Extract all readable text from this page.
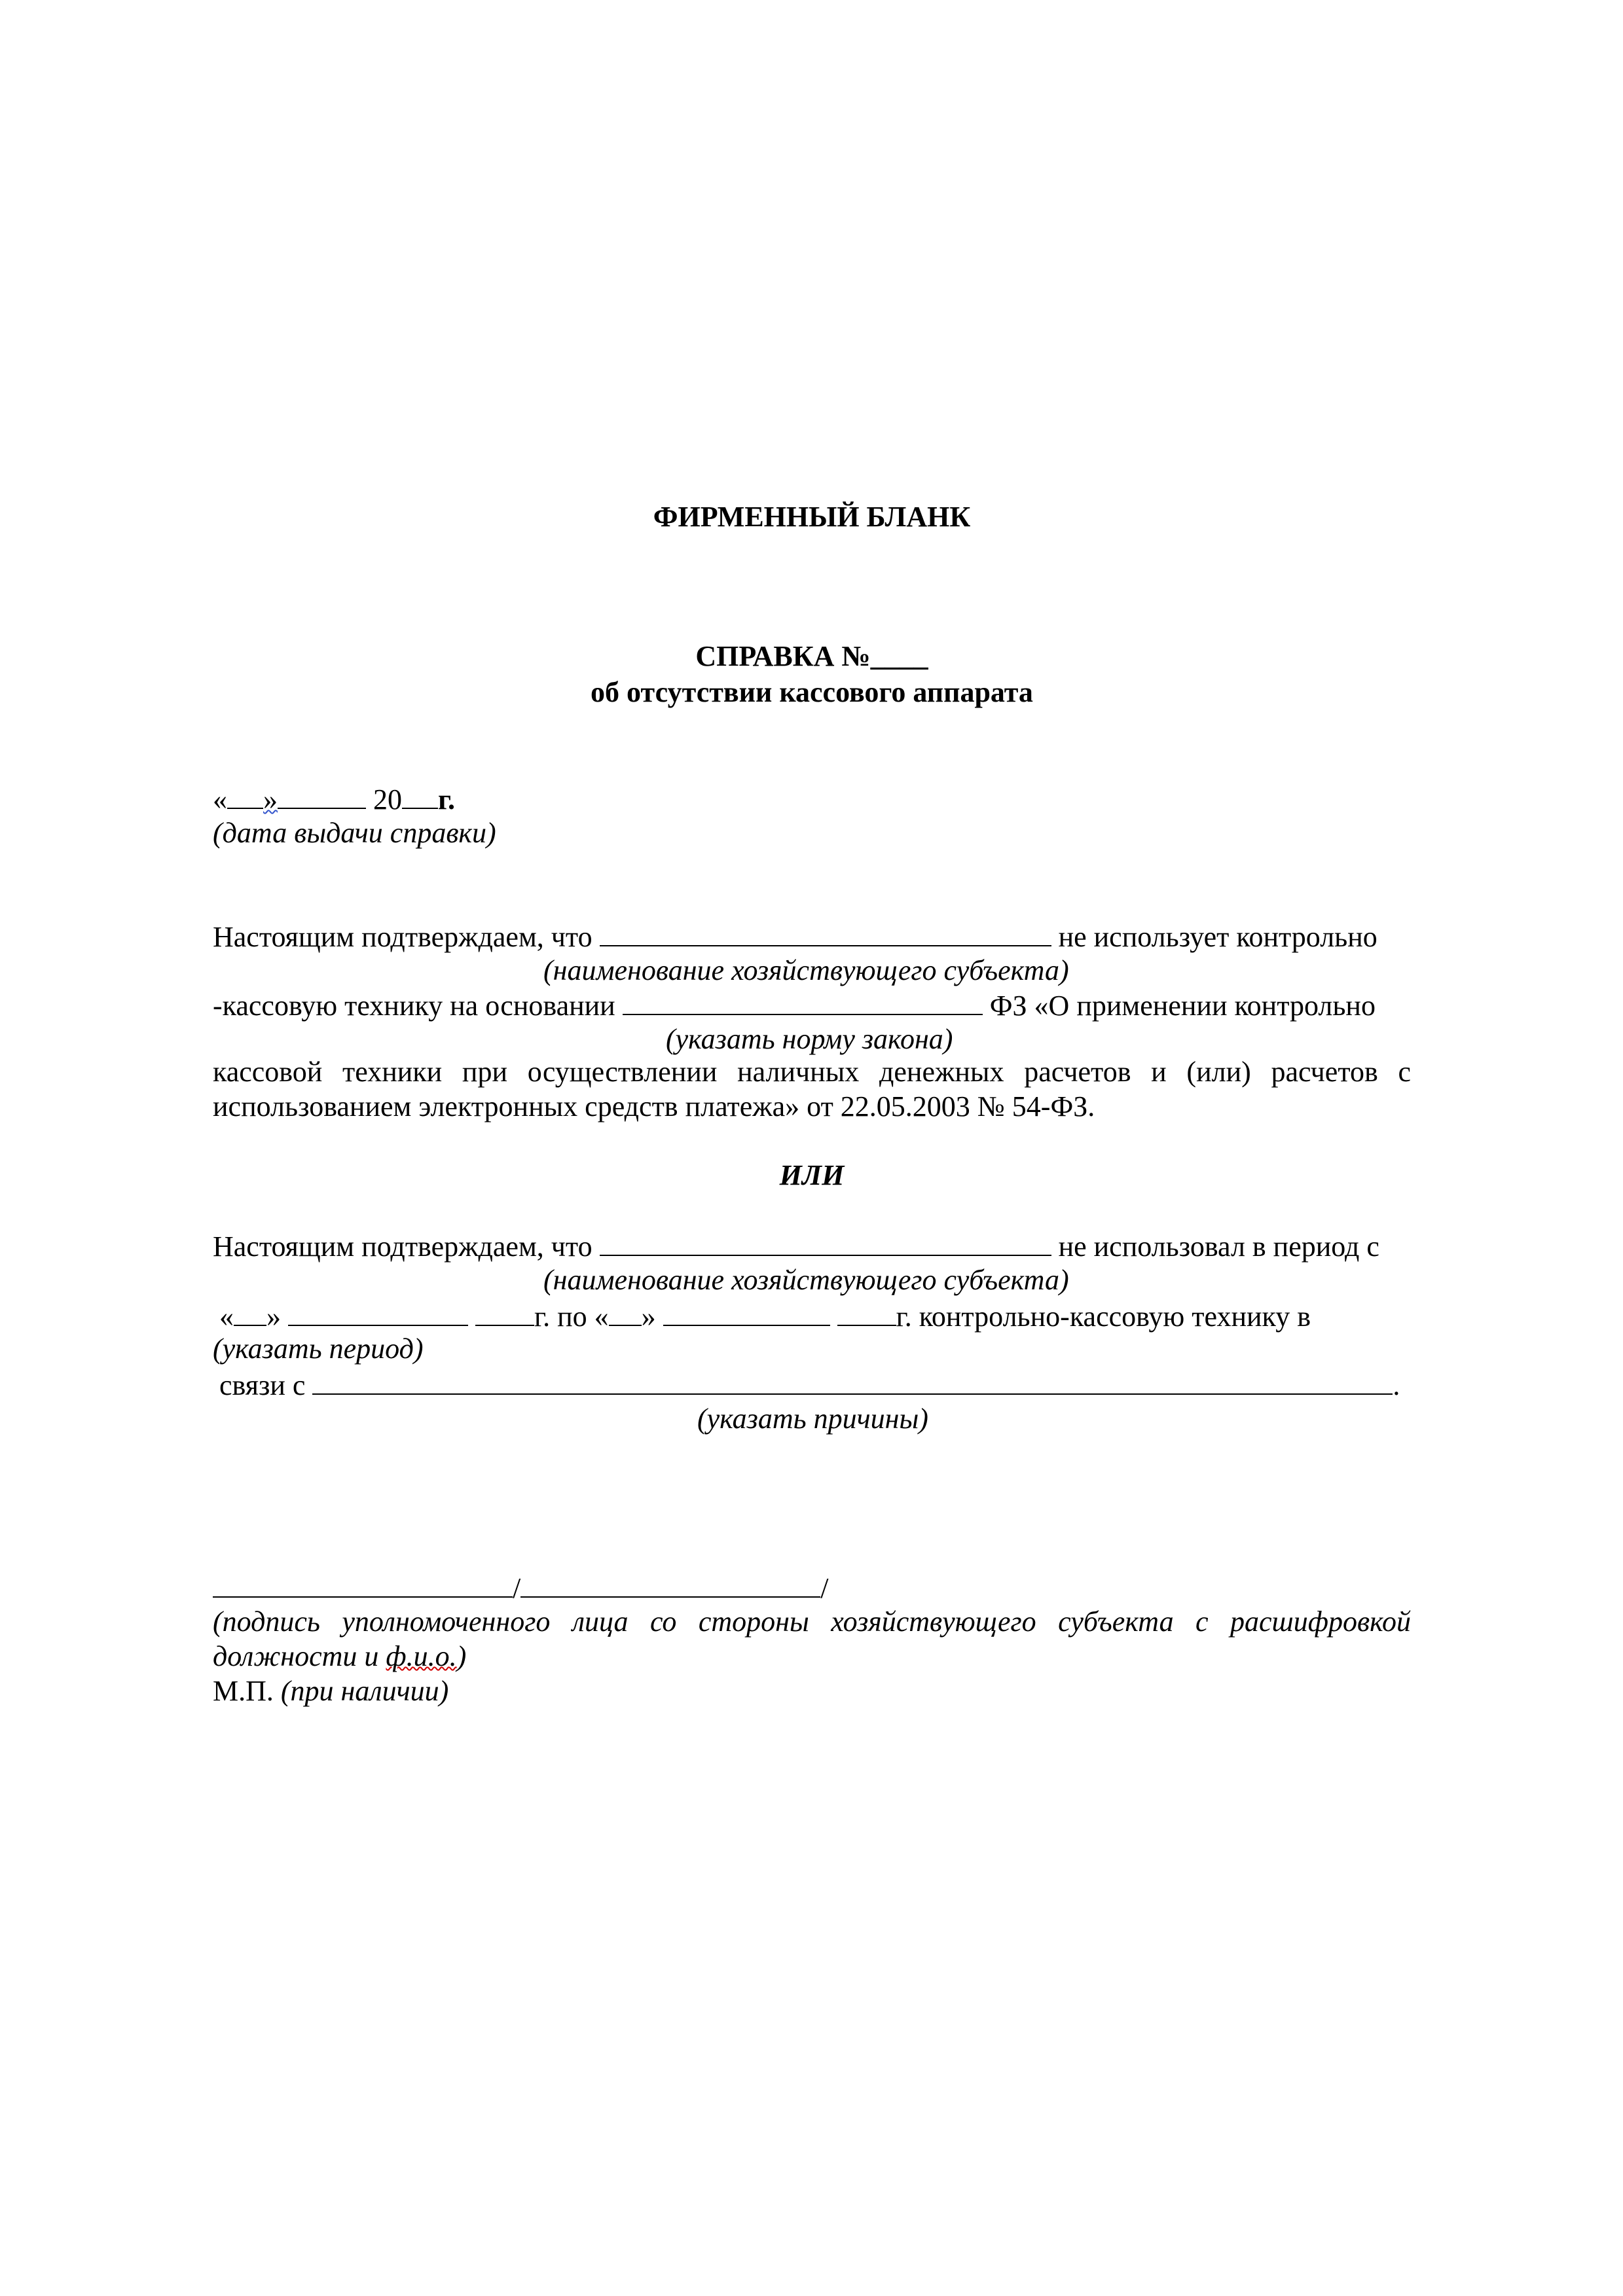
ФИРМЕННЫЙ БЛАНК
СПРАВКА №____
об отсутствии кассового аппарата
« »	20 г.
(дата выдачи справки)
Настоящим подтверждаем, что	не использует контрольно
(наименование хозяйствующего субъекта)
-кассовую технику на основании	ФЗ «О применении контрольно
(указать норму закона)
кассовой техники при осуществлении наличных денежных расчетов и (или) расчетов с
использованием электронных средств платежа» от 22.05.2003 № 54-ФЗ.
ИЛИ
Настоящим подтверждаем, что	не использовал в период с
(наименование хозяйствующего субъекта)
« »	г. по « »	г. контрольно-кассовую технику в
(указать период)
связи с	.
(указать причины)
/	/
(подпись уполномоченного лица со стороны хозяйствующего субъекта с расшифровкой
должности и ф.и.о.)
М.П. (при наличии)
